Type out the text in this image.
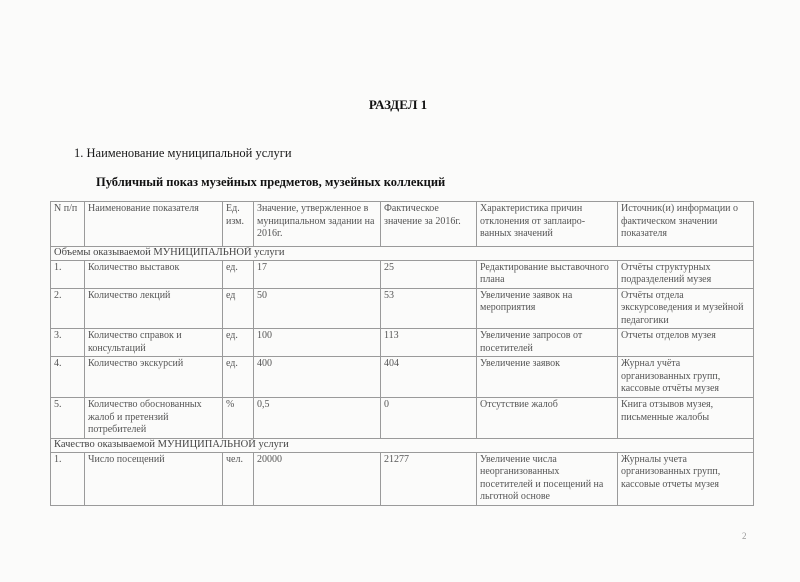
РАЗДЕЛ 1
1. Наименование муниципальной услуги
Публичный показ музейных предметов, музейных коллекций
N п/п	Наименование показателя	Ед. изм.	Значение, утвержленное в муниципальном задании на 2016г.	Фактическое значение за 2016г.	Характеристика причин отклонения от заплаиро-ванных значений	Источник(и) информации о фактическом значении показателя
Объемы оказываемой МУНИЦИПАЛЬНОЙ услуги						
1.	Количество выставок	ед.	17	25	Редактирование выставочного плана	Отчёты структурных подразделений музея
2.	Количество лекций	ед	50	53	Увеличение заявок на мероприятия	Отчёты отдела экскурсоведения и музейной педагогики
3.	Количество справок и консультаций	ед.	100	113	Увеличение запросов от посетителей	Отчеты отделов музея
4.	Количество экскурсий	ед.	400	404	Увеличение заявок	Журнал учёта организованных групп, кассовые отчёты музея
5.	Количество обоснованных жалоб и претензий потребителей	%	0,5	0	Отсутствие жалоб	Книга отзывов музея, письменные жалобы
Качество оказываемой МУНИЦИПАЛЬНОЙ услуги						
1.	Число посещений	чел.	20000	21277	Увеличение числа неорганизованных посетителей и посещений на льготной основе	Журналы учета организованных групп, кассовые отчеты музея
2
